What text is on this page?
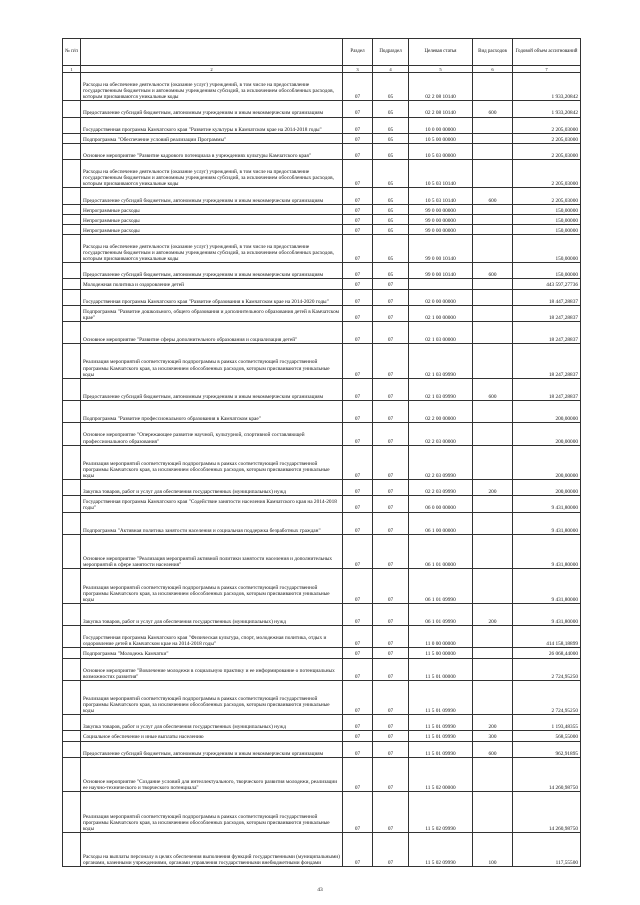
№ п/п		Раздел	Подраздел	Целевая статья	Вид расходов	Годовой объем ассигнований
1	2	3	4	5	6	7
	Расходы на обеспечение деятельности (оказание услуг) учреждений, в том числе на предоставление государственным бюджетным и автономным учреждениям субсидий, за исключением обособленных расходов, которым присваиваются уникальные коды	07	05	02 2 08 10140		1 933,20842
	Предоставление субсидий бюджетным, автономным учреждениям и иным некоммерческим организациям	07	05	02 2 08 10140	600	1 933,20842
	Государственная программа Камчатского края "Развитие культуры в Камчатском крае на 2014-2018 годы"	07	05	10 0 00 00000		2 205,03000
	Подпрограмма "Обеспечение условий реализации Программы"	07	05	10 5 00 00000		2 205,03000
	Основное мероприятие "Развитие кадрового потенциала в учреждениях культуры Камчатского края"	07	05	10 5 03 00000		2 205,03000
	Расходы на обеспечение деятельности (оказание услуг) учреждений, в том числе на предоставление государственным бюджетным и автономным учреждениям субсидий, за исключением обособленных расходов, которым присваиваются уникальные коды	07	05	10 5 03 10140		2 205,03000
	Предоставление субсидий бюджетным, автономным учреждениям и иным некоммерческим организациям	07	05	10 5 03 10140	600	2 205,03000
	Непрограммные расходы	07	05	99 0 00 00000		150,00000
	Непрограммные расходы	07	05	99 0 00 00000		150,00000
	Непрограммные расходы	07	05	99 0 00 00000		150,00000
	Расходы на обеспечение деятельности (оказание услуг) учреждений, в том числе на предоставление государственным бюджетным и автономным учреждениям субсидий, за исключением обособленных расходов, которым присваиваются уникальные коды	07	05	99 0 00 10140		150,00000
	Предоставление субсидий бюджетным, автономным учреждениям и иным некоммерческим организациям	07	05	99 0 00 10140	600	150,00000
	Молодежная политика и оздоровление детей	07	07			443 597,27736
	Государственная программа Камчатского края "Развитие образования в Камчатском крае на 2014-2020 годы"	07	07	02 0 00 00000		18 447,28837
	Подпрограмма "Развитие дошкольного, общего образования и дополнительного образования детей в Камчатском крае"	07	07	02 1 00 00000		18 247,28837
	Основное мероприятие "Развитие сферы дополнительного образования и социализация детей"	07	07	02 1 03 00000		18 247,28837
	Реализация мероприятий соответствующей подпрограммы в рамках соответствующей государственной программы Камчатского края, за исключением обособленных расходов, которым присваиваются уникальные коды	07	07	02 1 03 09990		18 247,28837
	Предоставление субсидий бюджетным, автономным учреждениям и иным некоммерческим организациям	07	07	02 1 03 09990	600	18 247,28837
	Подпрограмма "Развитие профессионального образования в Камчатском крае"	07	07	02 2 00 00000		200,00000
	Основное мероприятие "Опережающее развитие научной, культурной, спортивной составляющей профессионального образования"	07	07	02 2 03 00000		200,00000
	Реализация мероприятий соответствующей подпрограммы в рамках соответствующей государственной программы Камчатского края, за исключением обособленных расходов, которым присваиваются уникальные коды	07	07	02 2 03 09990		200,00000
	Закупка товаров, работ и услуг для обеспечения государственных (муниципальных) нужд	07	07	02 2 03 09990	200	200,00000
	Государственная программа Камчатского края "Содействие занятости населения Камчатского края на 2014-2018 годы"	07	07	06 0 00 00000		9 431,80000
	Подпрограмма "Активная политика занятости населения и социальная поддержка безработных граждан"	07	07	06 1 00 00000		9 431,80000
	Основное мероприятие "Реализация мероприятий активной политики занятости населения и дополнительных мероприятий в сфере занятости населения"	07	07	06 1 01 00000		9 431,80000
	Реализация мероприятий соответствующей подпрограммы в рамках соответствующей государственной программы Камчатского края, за исключением обособленных расходов, которым присваиваются уникальные коды	07	07	06 1 01 09990		9 431,80000
	Закупка товаров, работ и услуг для обеспечения государственных (муниципальных) нужд	07	07	06 1 01 09990	200	9 431,80000
	Государственная программа Камчатского края "Физическая культура, спорт, молодежная политика, отдых и оздоровление детей в Камчатском крае на 2014-2018 годы"	07	07	11 0 00 00000		414 158,18899
	Подпрограмма "Молодежь Камчатки"	07	07	11 5 00 00000		26 068,44000
	Основное мероприятие "Вовлечение молодежи в социальную практику и ее информирование о потенциальных возможностях развития"	07	07	11 5 01 00000		2 724,95250
	Реализация мероприятий соответствующей подпрограммы в рамках соответствующей государственной программы Камчатского края, за исключением обособленных расходов, которым присваиваются уникальные коды	07	07	11 5 01 09990		2 724,95250
	Закупка товаров, работ и услуг для обеспечения государственных (муниципальных) нужд	07	07	11 5 01 09990	200	1 193,48355
	Социальное обеспечение и иные выплаты населению	07	07	11 5 01 09990	300	568,55000
	Предоставление субсидий бюджетным, автономным учреждениям и иным некоммерческим организациям	07	07	11 5 01 09990	600	962,91895
	Основное мероприятие "Создание условий для интеллектуального, творческого развития молодежи, реализации ее научно-технического и творческого потенциала"	07	07	11 5 02 00000		14 260,98750
	Реализация мероприятий соответствующей подпрограммы в рамках соответствующей государственной программы Камчатского края, за исключением обособленных расходов, которым присваиваются уникальные коды	07	07	11 5 02 09990		14 260,98750
	Расходы на выплаты персоналу в целях обеспечения выполнения функций государственными (муниципальными) органами, казенными учреждениями, органами управления государственными внебюджетными фондами	07	07	11 5 02 09990	100	117,55500
43
